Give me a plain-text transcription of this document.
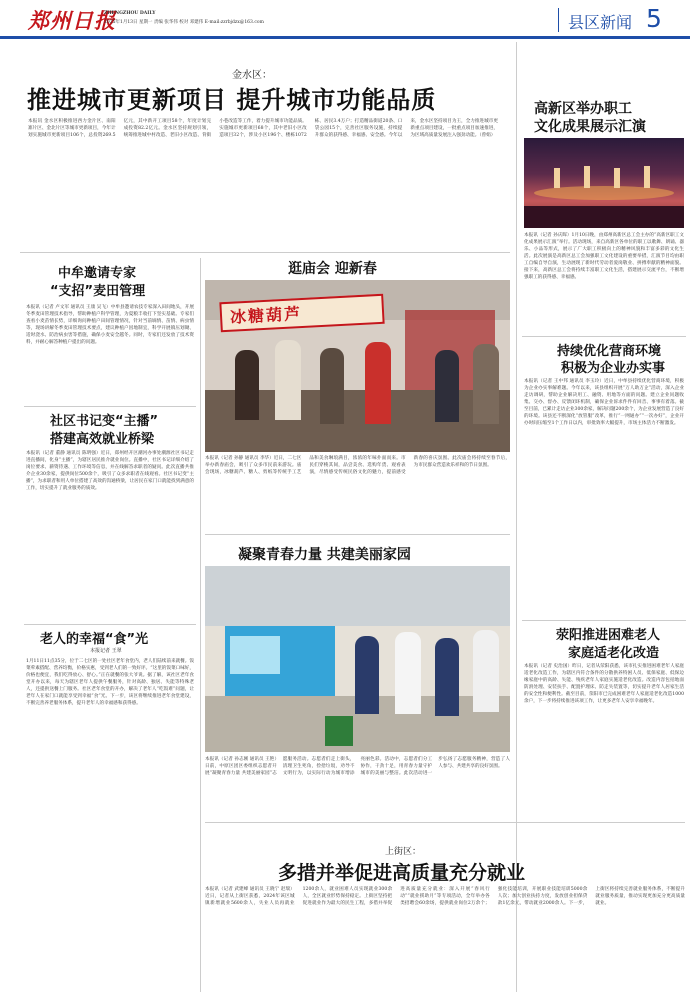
郑州日报
ZHENGZHOU DAILY
2025年1月13日 星期一 责编 张华伟 校对 邓建伟 E-mail:zzrbjdzx@163.com	县区新闻 5
金水区：
推进城市更新项目 提升城市功能品质
本报讯 金水区积极推进西力金片区、南阳寨片区、金北片区等城市更新项目，今年计划实施城市更新项目106个，总投资269.5亿元，其中新开工项目58个，年度计划完成投资82.2亿元。金水区坚持规划引领，统筹推进城中村改造、老旧小区改造、背街小巷改造等工作，着力提升城市功能品质。实施城市更新项目68个，其中老旧小区改造项目32个，涉及小区196个、楼栋1072栋、居民3.4万户；打造精品街道20条、口袋公园15个，完善社区服务设施，持续提升群众的获得感、幸福感、安全感。今年以来，金水区坚持项目为王，全力推进城市更新重点项目建设，一批重点项目加速推进，为区域高质量发展注入强劲动能。（曾娟）
高新区举办职工
文化成果展示汇演
本报讯（记者 孙庆晖）1月10日晚，由郑州高新区总工会主办的“高新区职工文化成果展示汇演”举行。活动现场，来自高新区各单位的职工以歌舞、朗诵、器乐、小品等形式，展示了广大职工积极向上的精神风貌和丰富多彩的文化生活。此次展演是高新区总工会加强职工文化建设的重要举措，汇演节目均由职工自编自导自演，生动展现了新时代劳动者爱岗敬业、拼搏奉献的精神面貌。接下来，高新区总工会将持续丰富职工文化生活，搭建展示交流平台，不断增强职工的获得感、幸福感。
持续优化营商环境
积极为企业办实事
本报讯（记者 王中邦 通讯员 李玉玲）近日，中牟县持续优化营商环境，积极为企业办实事解难题。今年以来，该县组织开展“万人助万企”活动，深入企业走访调研，帮助企业解决用工、融资、用地等方面的问题。建立企业问题收集、交办、督办、反馈闭环机制，确保企业诉求件件有回音、事事有着落。截至目前，已累计走访企业300余家，解决问题200余个，为企业发展营造了良好的环境。该县还不断深化“放管服”改革，推行“一网通办”“一次办好”，企业开办时间压缩至1个工作日以内，审批效率大幅提升，市场主体活力不断激发。
荥阳推进困难老人
家庭适老化改造
本报讯（记者 史治国）昨日，记者从荥阳获悉，该市扎实推进困难老年人家庭适老化改造工作，为辖区内符合条件的分散供养特困人员、低保家庭、低保边缘家庭中的高龄、失能、残疾老年人家庭实施适老化改造。改造内容包括地面防滑处理、安装扶手、配置护理床、防走失装置等，切实提升老年人居家生活的安全性和便利性。截至目前，荥阳市已完成困难老年人家庭适老化改造1000余户，下一步将持续推进该项工作，让更多老年人安享幸福晚年。
中牟邀请专家
“支招”麦田管理
本报讯（记者 卢文军 通讯员 王康 吴飞）中牟县邀请农技专家深入田间地头，开展冬季麦田管理技术指导，帮助种植户科学管理，为夏粮丰收打下坚实基础。专家们查看小麦苗情长势，详细询问种植户田间管理情况，针对当前墒情、苗情、病虫情等，现场讲解冬季麦田管理技术要点，建议种植户因地制宜，科学开展镇压划锄、适时浇水、防治病虫害等措施，确保小麦安全越冬。同时，专家们还发放了技术资料，并耐心解答种植户提出的问题。
社区书记变“主播”
搭建高效就业桥梁
本报讯（记者 董静 通讯员 陈明强）近日，郑州经开区潮河办事处潮源社区书记走进直播间，化身“主播”，为辖区居民推介就业岗位。直播中，社区书记详细介绍了岗位要求、薪资待遇、工作环境等信息，并在线解答求职者的疑问。此次直播共推介企业30余家，提供岗位500余个，吸引了众多求职者在线观看。社区书记变“主播”，为求职者和用人单位搭建了高效的沟通桥梁，让居民在家门口就能找到满意的工作，切实提升了就业服务的质效。
老人的幸福“食”光
本报记者 王翠
1月11日11点35分，位于二七区的一处社区老年食堂内，老人们陆续前来就餐。饭菜荤素搭配、营养均衡，价格实惠，受到老人们的一致好评。“这里的饭菜口味好，价格也便宜，我们吃得放心、舒心。”正在就餐的张大爷说。据了解，该社区老年食堂开办以来，每天为辖区老年人提供午餐服务，针对高龄、独居、失能等特殊老人，还提供送餐上门服务。社区老年食堂的开办，解决了老年人“吃饭难”问题，让老年人在家门口就能享受到幸福“食”光。下一步，该区将继续推进老年食堂建设，不断完善养老服务体系，提升老年人的幸福感和获得感。
逛庙会 迎新春
冰糖葫芦
本报讯（记者 孙静 通讯员 李华）近日，二七区举办新春庙会，吸引了众多市民前来游玩。庙会现场，冰糖葫芦、糖人、剪纸等传统手工艺品和美食琳琅满目，浓浓的年味扑面而来。市民们穿梭其间，品尝美食、选购年货、观看表演，尽情感受传统民俗文化的魅力，提前感受新春的喜庆氛围。此次庙会将持续至春节后，为市民群众营造欢乐祥和的节日氛围。
凝聚青春力量 共建美丽家园
本报讯（记者 孙志刚 通讯员 王艳）日前，中原区团区委组织志愿者开展“凝聚青春力量 共建美丽家园”志愿服务活动。志愿者们走上街头，清理卫生死角，捡拾垃圾，劝导不文明行为，以实际行动为城市增添亮丽色彩。活动中，志愿者们分工协作，干劲十足，用青春力量守护城市的美丽与整洁。此次活动进一步弘扬了志愿服务精神，营造了人人参与、共建共享的良好氛围。
上街区：
多措并举促进高质量充分就业
本报讯（记者 武建峰 通讯员 王晓宁 赵瑞）近日，记者从上街区获悉，2024年该区城镇新增就业5600余人，失业人员再就业1200余人，就业困难人员实现就业300余人，全区就业形势保持稳定。上街区坚持把促进就业作为最大的民生工程，多措并举促进高质量充分就业：深入开展“春风行动”“就业援助月”等专项活动，全年举办各类招聘会60余场，提供就业岗位2万余个；强化技能培训，开展职业技能培训5000余人次；加大创业扶持力度，发放创业担保贷款1亿余元，带动就业2000余人。下一步，上街区将持续完善就业服务体系，不断提升就业服务质量，推动实现更加充分更高质量就业。
